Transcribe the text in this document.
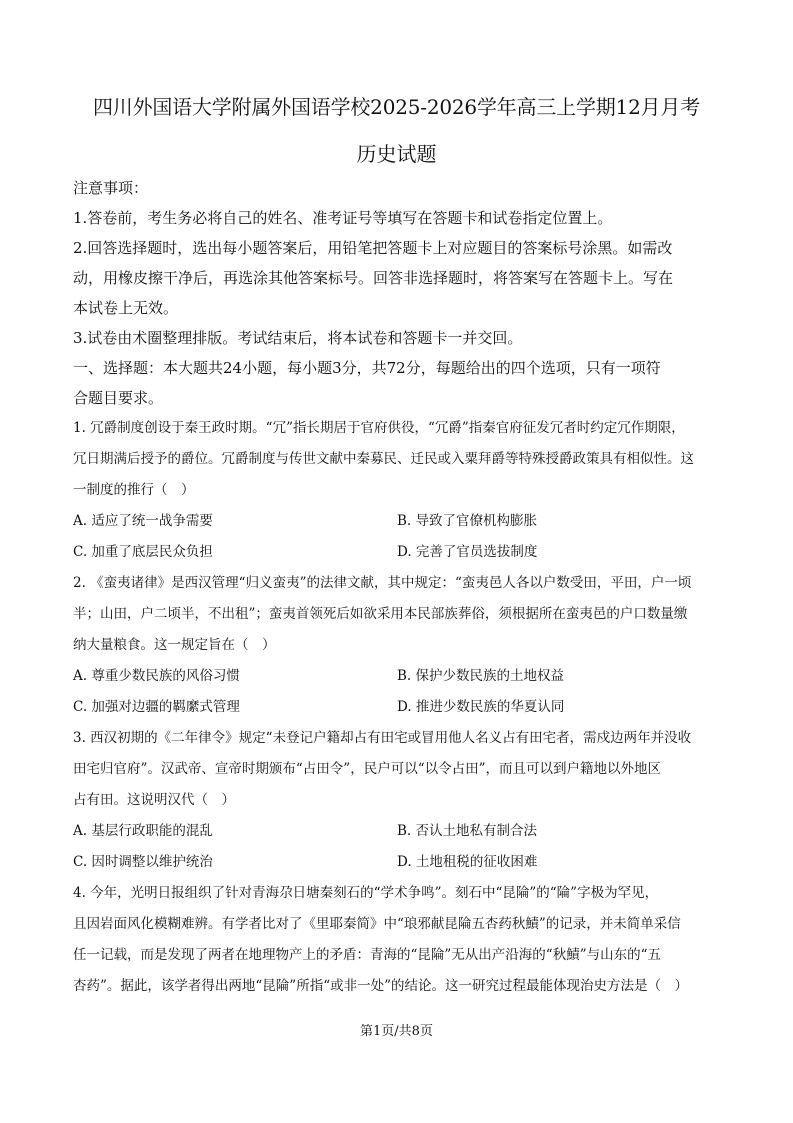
四川外国语大学附属外国语学校2025-2026学年高三上学期12月月考
历史试题
注意事项：
1.答卷前，考生务必将自己的姓名、准考证号等填写在答题卡和试卷指定位置上。
2.回答选择题时，选出每小题答案后，用铅笔把答题卡上对应题目的答案标号涂黑。如需改
动，用橡皮擦干净后，再选涂其他答案标号。回答非选择题时，将答案写在答题卡上。写在
本试卷上无效。
3.试卷由术圈整理排版。考试结束后，将本试卷和答题卡一并交回。
一、选择题：本大题共24小题，每小题3分，共72分，每题给出的四个选项，只有一项符
合题目要求。
1. 冗爵制度创设于秦王政时期。“冗”指长期居于官府供役，“冗爵”指秦官府征发冗者时约定冗作期限，
冗日期满后授予的爵位。冗爵制度与传世文献中秦募民、迁民或入粟拜爵等特殊授爵政策具有相似性。这
一制度的推行（　）
A. 适应了统一战争需要	B. 导致了官僚机构膨胀
C. 加重了底层民众负担	D. 完善了官员选拔制度
2. 《蛮夷诸律》是西汉管理“归义蛮夷”的法律文献，其中规定：“蛮夷邑人各以户数受田，平田，户一顷
半；山田，户二顷半，不出租”；蛮夷首领死后如欲采用本民部族葬俗，须根据所在蛮夷邑的户口数量缴
纳大量粮食。这一规定旨在（　）
A. 尊重少数民族的风俗习惯	B. 保护少数民族的土地权益
C. 加强对边疆的羁縻式管理	D. 推进少数民族的华夏认同
3. 西汉初期的《二年律令》规定“未登记户籍却占有田宅或冒用他人名义占有田宅者，需戍边两年并没收
田宅归官府”。汉武帝、宣帝时期颁布“占田令”，民户可以“以令占田”，而且可以到户籍地以外地区
占有田。这说明汉代（　）
A. 基层行政职能的混乱	B. 否认土地私有制合法
C. 因时调整以维护统治	D. 土地租税的征收困难
4. 今年，光明日报组织了针对青海尕日塘秦刻石的“学术争鸣”。刻石中“昆陯”的“陯”字极为罕见，
且因岩面风化模糊难辨。有学者比对了《里耶秦简》中“琅邪献昆陯五杏药秋鰿”的记录，并未简单采信
任一记载，而是发现了两者在地理物产上的矛盾：青海的“昆陯”无从出产沿海的“秋鰿”与山东的“五
杏药”。据此，该学者得出两地“昆陯”所指“或非一处”的结论。这一研究过程最能体现治史方法是（　）
第1页/共8页
